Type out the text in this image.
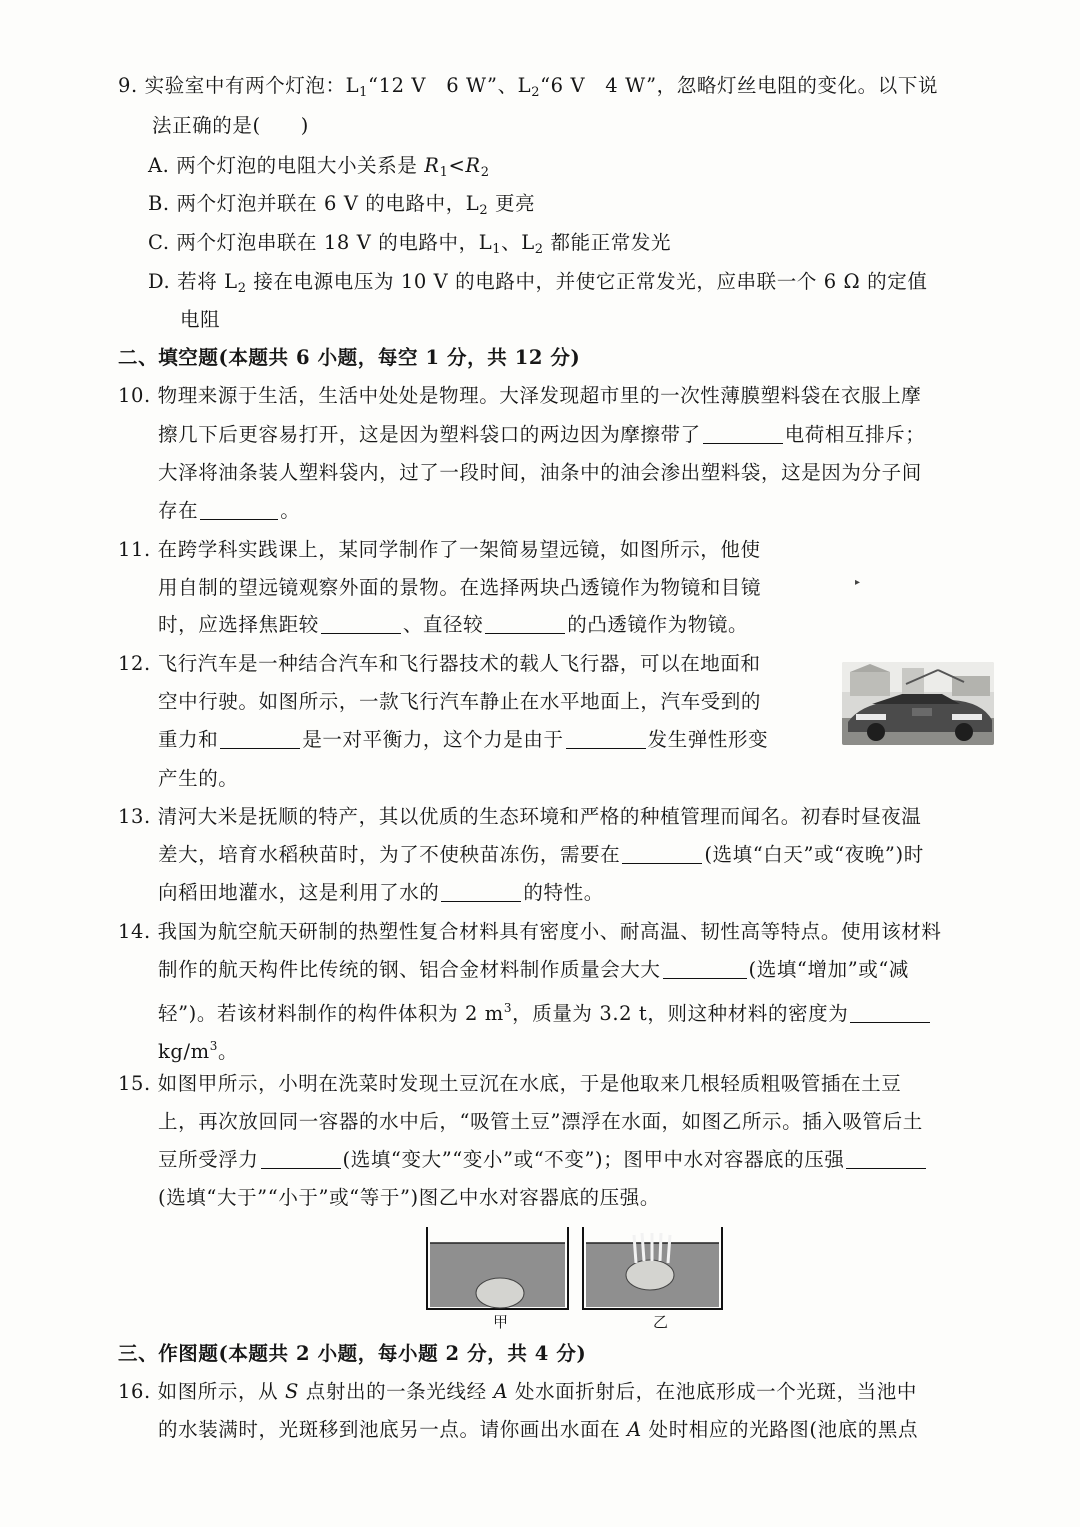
9. 实验室中有两个灯泡：$L_1“12$ V　6 W”、$L_2“6$ V　4 W”，忽略灯丝电阻的变化。以下说
法正确的是( )
A. 两个灯泡的电阻大小关系是 $R_1<R_2$
B. 两个灯泡并联在 6 V 的电路中，$L_2$ 更亮
C. 两个灯泡串联在 18 V 的电路中，$L_1$、$L_2$ 都能正常发光
D. 若将 $L_2$ 接在电源电压为 10 V 的电路中，并使它正常发光，应串联一个 6 Ω 的定值
电阻
二、填空题(本题共 6 小题，每空 1 分，共 12 分)
10. 物理来源于生活，生活中处处是物理。大泽发现超市里的一次性薄膜塑料袋在衣服上摩
擦几下后更容易打开，这是因为塑料袋口的两边因为摩擦带了	电荷相互排斥；
大泽将油条装人塑料袋内，过了一段时间，油条中的油会渗出塑料袋，这是因为分子间
存在	。
11. 在跨学科实践课上，某同学制作了一架简易望远镜，如图所示，他使
用自制的望远镜观察外面的景物。在选择两块凸透镜作为物镜和目镜	▸
时，应选择焦距较	、直径较	的凸透镜作为物镜。
12. 飞行汽车是一种结合汽车和飞行器技术的载人飞行器，可以在地面和
空中行驶。如图所示，一款飞行汽车静止在水平地面上，汽车受到的
重力和	是一对平衡力，这个力是由于	发生弹性形变
产生的。
13. 清河大米是抚顺的特产，其以优质的生态环境和严格的种植管理而闻名。初春时昼夜温
差大，培育水稻秧苗时，为了不使秧苗冻伤，需要在	(选填“白天”或“夜晚”)时
向稻田地灌水，这是利用了水的	的特性。
14. 我国为航空航天研制的热塑性复合材料具有密度小、耐高温、韧性高等特点。使用该材料
制作的航天构件比传统的钢、铝合金材料制作质量会大大	(选填“增加”或“减
轻”)。若该材料制作的构件体积为 2 $m^3$，质量为 3.2 t，则这种材料的密度为
$kg/m^3$。
15. 如图甲所示，小明在洗菜时发现土豆沉在水底，于是他取来几根轻质粗吸管插在土豆
上，再次放回同一容器的水中后，“吸管土豆”漂浮在水面，如图乙所示。插入吸管后土
豆所受浮力	(选填“变大”“变小”或“不变”)；图甲中水对容器底的压强
(选填“大于”“小于”或“等于”)图乙中水对容器底的压强。
甲	乙
三、作图题(本题共 2 小题，每小题 2 分，共 4 分)
16. 如图所示，从 S 点射出的一条光线经 A 处水面折射后，在池底形成一个光斑，当池中
的水装满时，光斑移到池底另一点。请你画出水面在 A 处时相应的光路图(池底的黑点
